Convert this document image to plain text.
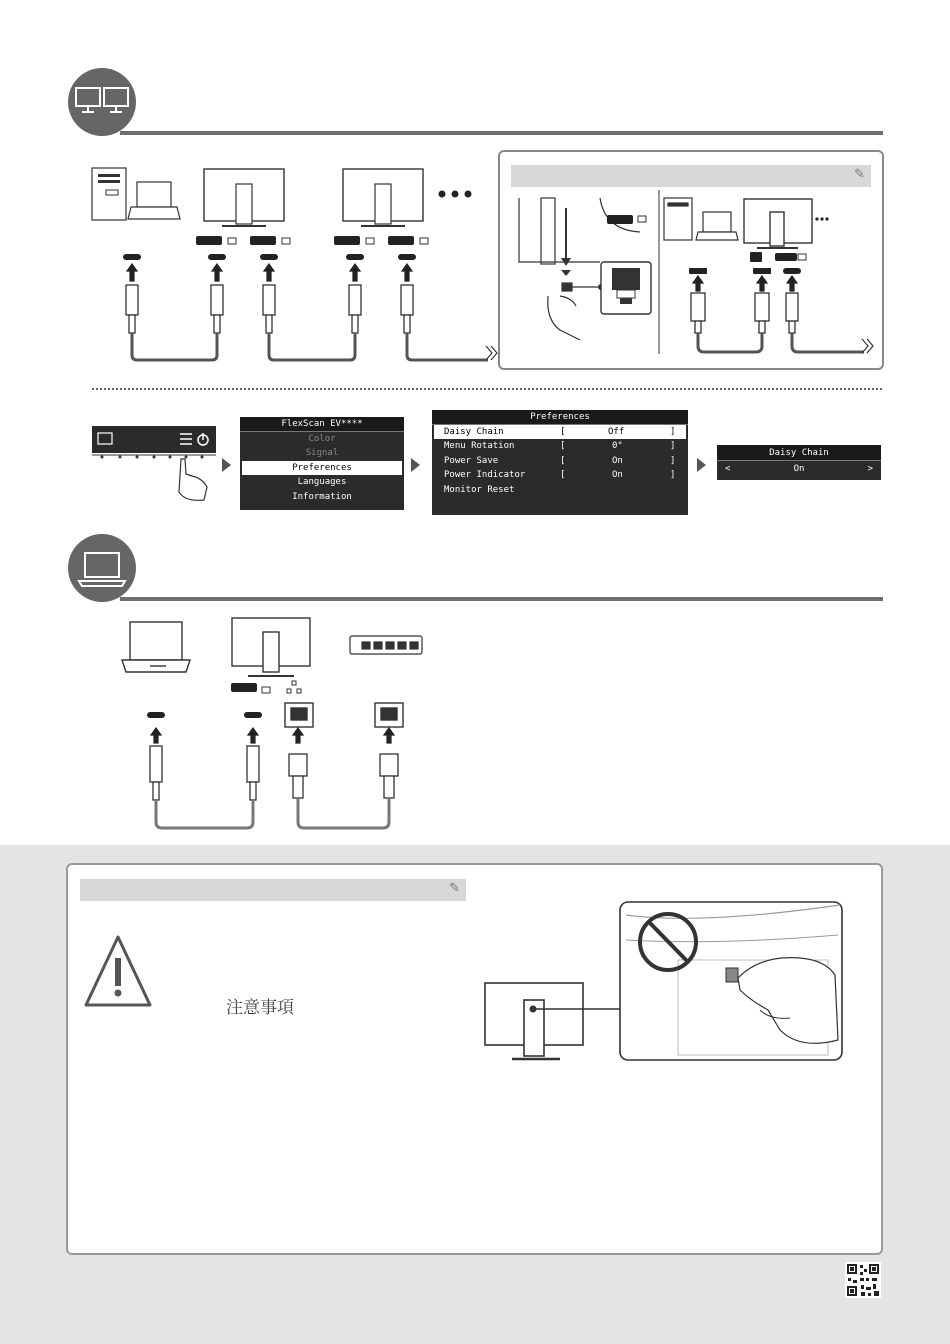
✎
FlexScan EV****
Color
Signal
Preferences
Languages
Information
Preferences
Daisy Chain	[	Off	]
Menu Rotation	[	0°	]
Power Save	[	On	]
Power Indicator	[	On	]
Monitor Reset
Daisy Chain
<	On	>
✎
注意事項
